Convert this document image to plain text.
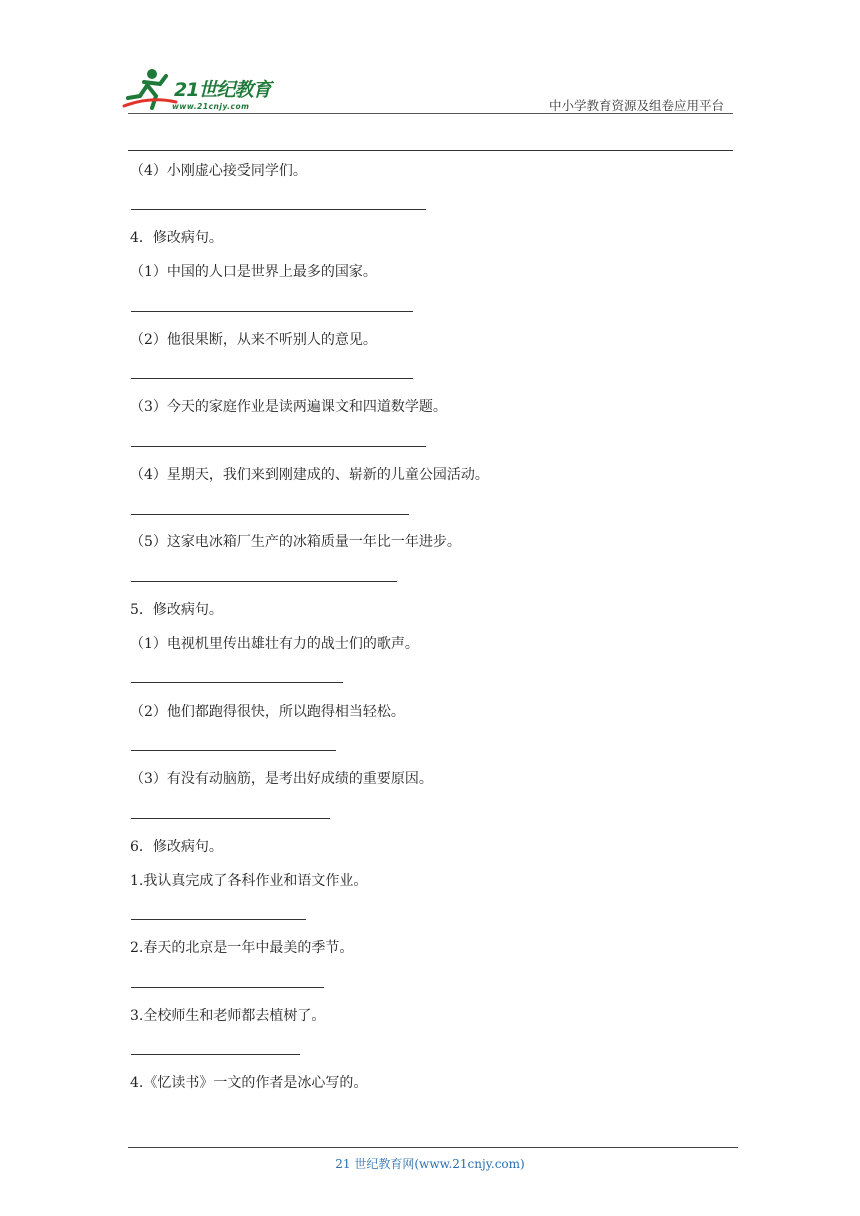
21世纪教育
www.21cnjy.com	中小学教育资源及组卷应用平台
（4）小刚虚心接受同学们。
4．修改病句。
（1）中国的人口是世界上最多的国家。
（2）他很果断，从来不听别人的意见。
（3）今天的家庭作业是读两遍课文和四道数学题。
（4）星期天，我们来到刚建成的、崭新的儿童公园活动。
（5）这家电冰箱厂生产的冰箱质量一年比一年进步。
5．修改病句。
（1）电视机里传出雄壮有力的战士们的歌声。
（2）他们都跑得很快，所以跑得相当轻松。
（3）有没有动脑筋，是考出好成绩的重要原因。
6．修改病句。
1.我认真完成了各科作业和语文作业。
2.春天的北京是一年中最美的季节。
3.全校师生和老师都去植树了。
4.《忆读书》一文的作者是冰心写的。
21 世纪教育网(www.21cnjy.com)
